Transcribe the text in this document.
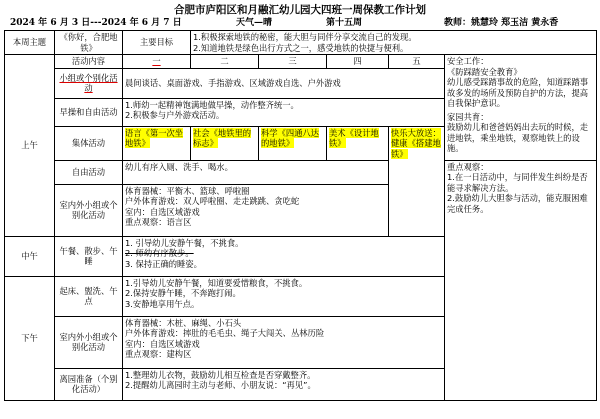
合肥市庐阳区和月融汇幼儿园大四班一周保教工作计划
2024 年 6 月 3 日---2024 年 6 月 7 日	天气—晴	第十五周	教师：姚慧玲 郑玉洁 黄永香
本周主题	《你好，合肥地铁》	主要目标	1.积极探索地铁的秘密，能大胆与同伴分享交流自己的发现。
2.知道地铁是绿色出行方式之一，感受地铁的快捷与便利。				

上午	活动内容	一	二	三	四	五	安全工作：
《防踩踏安全教育》
幼儿感受踩踏事故的危险，知道踩踏事故多发的场所及预防自护的方法，提高自我保护意识。
家园共育：
鼓励幼儿和爸爸妈妈出去玩的时候，走进地铁，乘坐地铁，观察地铁上的设施。
	小组或个别化活动	晨间谈话、桌面游戏、手指游戏、区域游戏自选、户外游戏					
	早操和自由活动	1.师幼一起精神饱满地做早操，动作整齐统一。
2.积极参与户外游戏活动。					

	集体活动	语言《第一次坐地铁》	社会《地铁里的标志》	科学《四通八达的地铁》	美术《设计地铁》	快乐大放送：健康《搭建地铁》	
	自由活动	幼儿有序入厕、洗手、喝水。					重点观察：
1.在一日活动中，与同伴发生纠纷是否能寻求解决方法。
2.鼓励幼儿大胆参与活动，能克服困难完成任务。
	室内外小组或个别化活动	体育器械：平衡木、篮球、呼啦圈
户外体育游戏：双人呼啦圈、走走跳跳、贪吃蛇
室内：自选区域游戏
重点观察：语言区					

中午	午餐、散步、午睡	1. 引导幼儿安静午餐，不挑食。
2. 师幼有序散步。
3. 保持正确的睡姿。					

下午	起床、盥洗、午点	1.引导幼儿安静午餐，知道要爱惜粮食，不挑食。
2.保持安静午睡，不奔跑打闹。
3.安静地享用午点。					

	室内外小组或个别化活动	体育器械：木桩、麻绳、小石头
户外体育游戏：摔肚的毛毛虫、绳子大闯关、丛林历险
室内：自选区域游戏
重点观察：建构区					

	离园准备（个别化活动）	1.整理幼儿衣物，鼓励幼儿相互检查是否穿戴整齐。
2.提醒幼儿离园时主动与老师、小朋友说：“再见”。					
